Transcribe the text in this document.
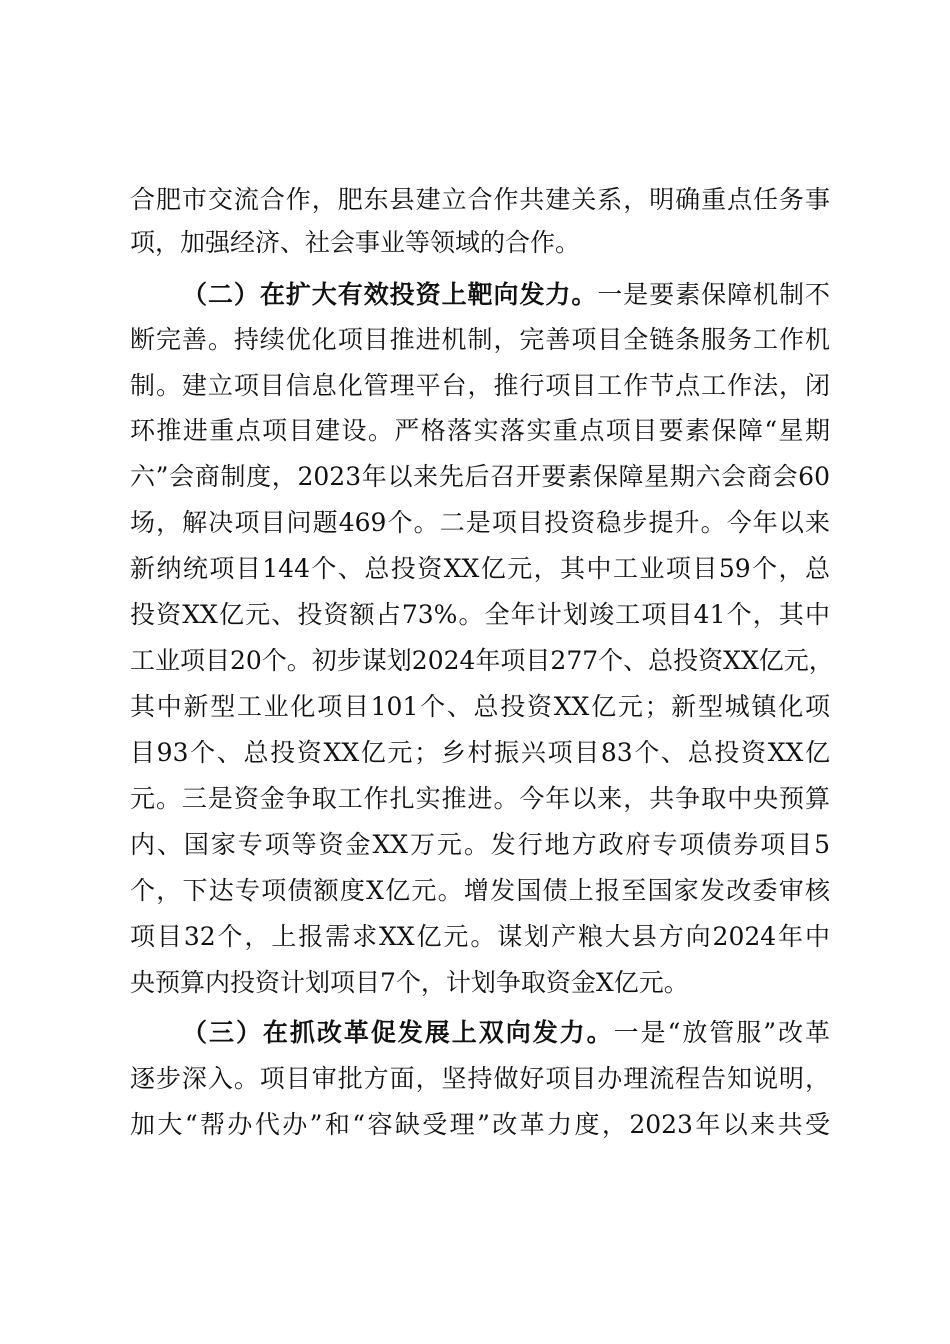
合肥市交流合作，肥东县建立合作共建关系，明确重点任务事
项，加强经济、社会事业等领域的合作。
（二）在扩大有效投资上靶向发力。一是要素保障机制不
断完善。持续优化项目推进机制，完善项目全链条服务工作机
制。建立项目信息化管理平台，推行项目工作节点工作法，闭
环推进重点项目建设。严格落实落实重点项目要素保障“星期
六”会商制度，2023年以来先后召开要素保障星期六会商会60
场，解决项目问题469个。二是项目投资稳步提升。今年以来
新纳统项目144个、总投资XX亿元，其中工业项目59个，总
投资XX亿元、投资额占73%。全年计划竣工项目41个，其中
工业项目20个。初步谋划2024年项目277个、总投资XX亿元，
其中新型工业化项目101个、总投资XX亿元；新型城镇化项
目93个、总投资XX亿元；乡村振兴项目83个、总投资XX亿
元。三是资金争取工作扎实推进。今年以来，共争取中央预算
内、国家专项等资金XX万元。发行地方政府专项债券项目5
个，下达专项债额度X亿元。增发国债上报至国家发改委审核
项目32个，上报需求XX亿元。谋划产粮大县方向2024年中
央预算内投资计划项目7个，计划争取资金X亿元。
（三）在抓改革促发展上双向发力。一是“放管服”改革
逐步深入。项目审批方面，坚持做好项目办理流程告知说明，
加大“帮办代办”和“容缺受理”改革力度，2023年以来共受
